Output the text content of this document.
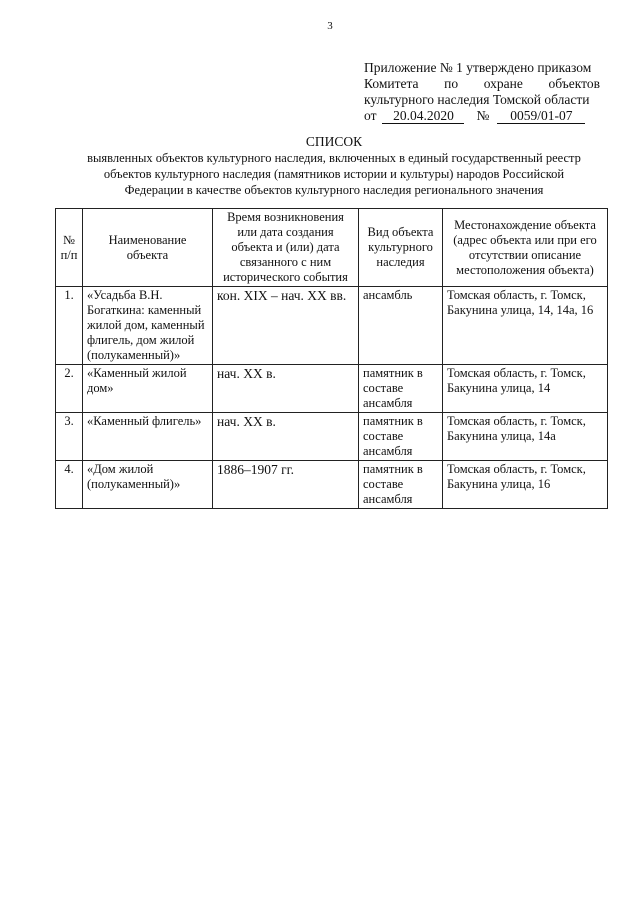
3
Приложение № 1 утверждено приказом
Комитета по охране объектов
культурного наследия Томской области
от	20.04.2020	№	0059/01-07
СПИСОК
выявленных объектов культурного наследия, включенных в единый государственный реестр
объектов культурного наследия (памятников истории и культуры) народов Российской
Федерации в качестве объектов культурного наследия регионального значения
№ п/п	Наименование объекта	Время возникновения или дата создания объекта и (или) дата связанного с ним исторического события	Вид объекта культурного наследия	Местонахождение объекта (адрес объекта или при его отсутствии описание местоположения объекта)
1.	«Усадьба В.Н. Богаткина: каменный жилой дом, каменный флигель, дом жилой (полукаменный)»	кон. XIX – нач. XX вв.	ансамбль	Томская область, г. Томск, Бакунина улица, 14, 14а, 16
2.	«Каменный жилой дом»	нач. XX в.	памятник в составе ансамбля	Томская область, г. Томск, Бакунина улица, 14
3.	«Каменный флигель»	нач. XX в.	памятник в составе ансамбля	Томская область, г. Томск, Бакунина улица, 14а
4.	«Дом жилой (полукаменный)»	1886–1907 гг.	памятник в составе ансамбля	Томская область, г. Томск, Бакунина улица, 16
